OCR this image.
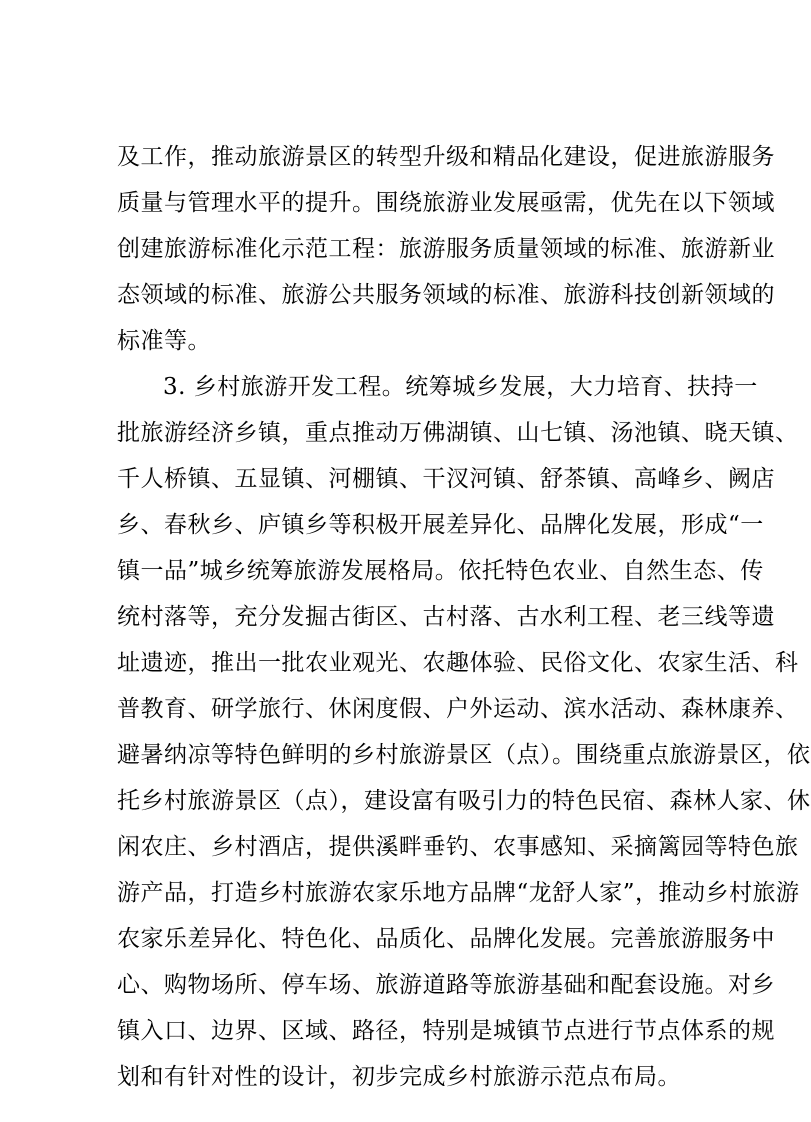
及工作，推动旅游景区的转型升级和精品化建设，促进旅游服务
质量与管理水平的提升。围绕旅游业发展亟需，优先在以下领域
创建旅游标准化示范工程：旅游服务质量领域的标准、旅游新业
态领域的标准、旅游公共服务领域的标准、旅游科技创新领域的
标准等。
3. 乡村旅游开发工程。统筹城乡发展，大力培育、扶持一
批旅游经济乡镇，重点推动万佛湖镇、山七镇、汤池镇、晓天镇、
千人桥镇、五显镇、河棚镇、干汊河镇、舒茶镇、高峰乡、阙店
乡、春秋乡、庐镇乡等积极开展差异化、品牌化发展，形成“一
镇一品”城乡统筹旅游发展格局。依托特色农业、自然生态、传
统村落等，充分发掘古街区、古村落、古水利工程、老三线等遗
址遗迹，推出一批农业观光、农趣体验、民俗文化、农家生活、科
普教育、研学旅行、休闲度假、户外运动、滨水活动、森林康养、
避暑纳凉等特色鲜明的乡村旅游景区（点）。围绕重点旅游景区，依
托乡村旅游景区（点），建设富有吸引力的特色民宿、森林人家、休
闲农庄、乡村酒店，提供溪畔垂钓、农事感知、采摘篱园等特色旅
游产品，打造乡村旅游农家乐地方品牌“龙舒人家”，推动乡村旅游
农家乐差异化、特色化、品质化、品牌化发展。完善旅游服务中
心、购物场所、停车场、旅游道路等旅游基础和配套设施。对乡
镇入口、边界、区域、路径，特别是城镇节点进行节点体系的规
划和有针对性的设计，初步完成乡村旅游示范点布局。
